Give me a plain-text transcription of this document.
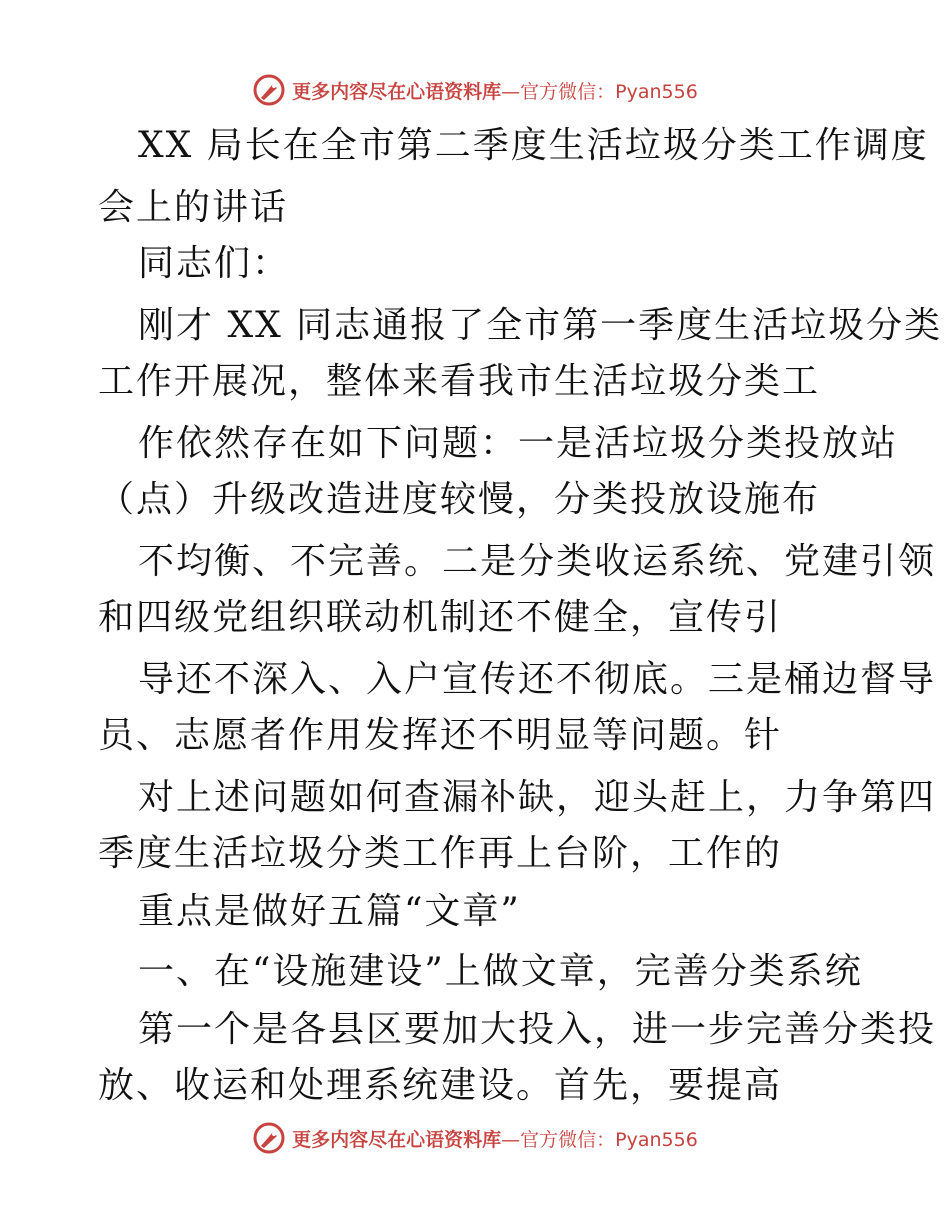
更多内容尽在心语资料库—官方微信：Pyan556
XX 局长在全市第二季度生活垃圾分类工作调度
会上的讲话
同志们：
刚才 XX 同志通报了全市第一季度生活垃圾分类
工作开展况，整体来看我市生活垃圾分类工
作依然存在如下问题：一是活垃圾分类投放站
（点）升级改造进度较慢，分类投放设施布
不均衡、不完善。二是分类收运系统、党建引领
和四级党组织联动机制还不健全，宣传引
导还不深入、入户宣传还不彻底。三是桶边督导
员、志愿者作用发挥还不明显等问题。针
对上述问题如何查漏补缺，迎头赶上，力争第四
季度生活垃圾分类工作再上台阶，工作的
重点是做好五篇“文章”
一、在“设施建设”上做文章，完善分类系统
第一个是各县区要加大投入，进一步完善分类投
放、收运和处理系统建设。首先，要提高
更多内容尽在心语资料库—官方微信：Pyan556
